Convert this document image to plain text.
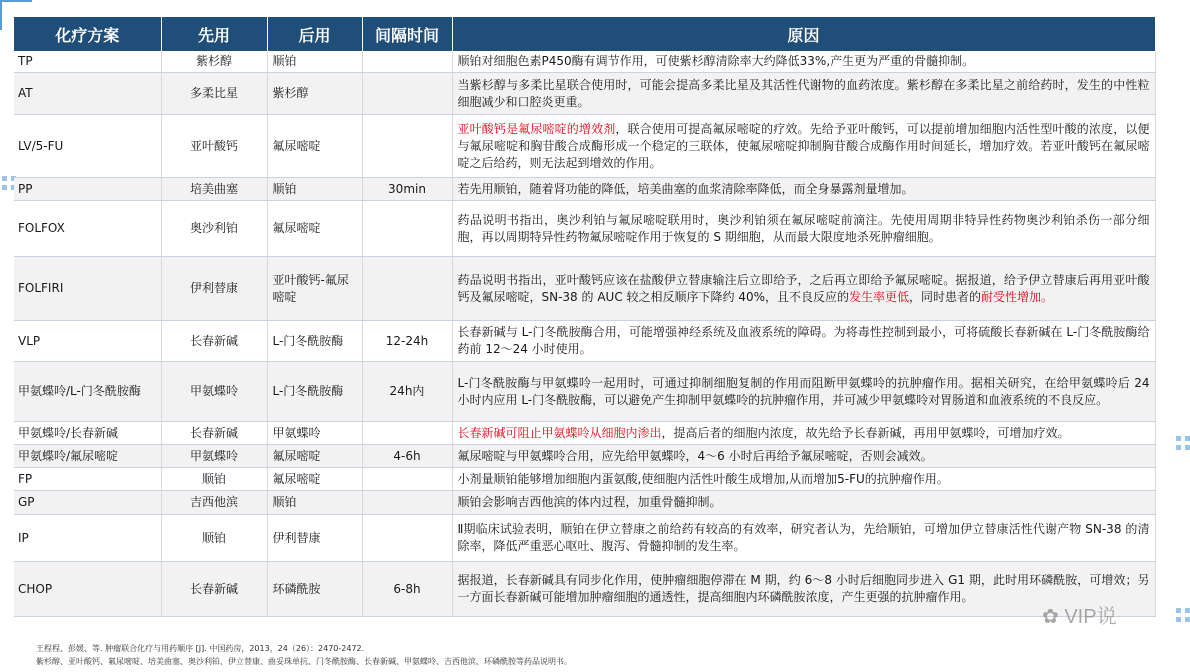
化疗方案	先用	后用	间隔时间	原因
TP	紫杉醇	顺铂		顺铂对细胞色素P450酶有调节作用，可使紫杉醇清除率大约降低33%,产生更为严重的骨髓抑制。
AT	多柔比星	紫杉醇		当紫杉醇与多柔比星联合使用时，可能会提高多柔比星及其活性代谢物的血药浓度。紫杉醇在多柔比星之前给药时，发生的中性粒细胞减少和口腔炎更重。
LV/5-FU	亚叶酸钙	氟尿嘧啶		亚叶酸钙是氟尿嘧啶的增效剂，联合使用可提高氟尿嘧啶的疗效。先给予亚叶酸钙，可以提前增加细胞内活性型叶酸的浓度，以便与氟尿嘧啶和胸苷酸合成酶形成一个稳定的三联体，使氟尿嘧啶抑制胸苷酸合成酶作用时间延长，增加疗效。若亚叶酸钙在氟尿嘧啶之后给药，则无法起到增效的作用。
PP	培美曲塞	顺铂	30min	若先用顺铂，随着肾功能的降低，培美曲塞的血浆清除率降低，而全身暴露剂量增加。
FOLFOX	奥沙利铂	氟尿嘧啶		药品说明书指出，奥沙利铂与氟尿嘧啶联用时，奥沙利铂须在氟尿嘧啶前滴注。先使用周期非特异性药物奥沙利铂杀伤一部分细胞，再以周期特异性药物氟尿嘧啶作用于恢复的 S 期细胞，从而最大限度地杀死肿瘤细胞。
FOLFIRI	伊利替康	亚叶酸钙-氟尿嘧啶		药品说明书指出，亚叶酸钙应该在盐酸伊立替康输注后立即给予，之后再立即给予氟尿嘧啶。据报道，给予伊立替康后再用亚叶酸钙及氟尿嘧啶，SN-38 的 AUC 较之相反顺序下降约 40%，且不良反应的发生率更低，同时患者的耐受性增加。
VLP	长春新碱	L-门冬酰胺酶	12-24h	长春新碱与 L-门冬酰胺酶合用，可能增强神经系统及血液系统的障碍。为将毒性控制到最小，可将硫酸长春新碱在 L-门冬酰胺酶给药前 12～24 小时使用。
甲氨蝶呤/L-门冬酰胺酶	甲氨蝶呤	L-门冬酰胺酶	24h内	L-门冬酰胺酶与甲氨蝶呤一起用时，可通过抑制细胞复制的作用而阻断甲氨蝶呤的抗肿瘤作用。据相关研究，在给甲氨蝶呤后 24 小时内应用 L-门冬酰胺酶，可以避免产生抑制甲氨蝶呤的抗肿瘤作用，并可减少甲氨蝶呤对胃肠道和血液系统的不良反应。
甲氨蝶呤/长春新碱	长春新碱	甲氨蝶呤		长春新碱可阻止甲氨蝶呤从细胞内渗出，提高后者的细胞内浓度，故先给予长春新碱，再用甲氨蝶呤，可增加疗效。
甲氨蝶呤/氟尿嘧啶	甲氨蝶呤	氟尿嘧啶	4-6h	氟尿嘧啶与甲氨蝶呤合用，应先给甲氨蝶呤，4～6 小时后再给予氟尿嘧啶，否则会减效。
FP	顺铂	氟尿嘧啶		小剂量顺铂能够增加细胞内蛋氨酸,使细胞内活性叶酸生成增加,从而增加5-FU的抗肿瘤作用。
GP	吉西他滨	顺铂		顺铂会影响吉西他滨的体内过程，加重骨髓抑制。
IP	顺铂	伊利替康		Ⅱ期临床试验表明，顺铂在伊立替康之前给药有较高的有效率，研究者认为，先给顺铂，可增加伊立替康活性代谢产物 SN-38 的清除率，降低严重恶心呕吐、腹泻、骨髓抑制的发生率。
CHOP	长春新碱	环磷酰胺	6-8h	据报道，长春新碱具有同步化作用，使肿瘤细胞停滞在 M 期，约 6～8 小时后细胞同步进入 G1 期，此时用环磷酰胺，可增效；另一方面长春新碱可能增加肿瘤细胞的通透性，提高细胞内环磷酰胺浓度，产生更强的抗肿瘤作用。
王程程、彭媛、等. 肿瘤联合化疗与用药顺序 [J]. 中国药房，2013，24（26）：2470-2472.
紫杉醇、亚叶酸钙、氟尿嘧啶、培美曲塞、奥沙利铂、伊立替康、曲妥珠单抗、门冬酰胺酶、长春新碱、甲氨蝶呤、吉西他滨、环磷酰胺等药品说明书。
✿ VIP说
